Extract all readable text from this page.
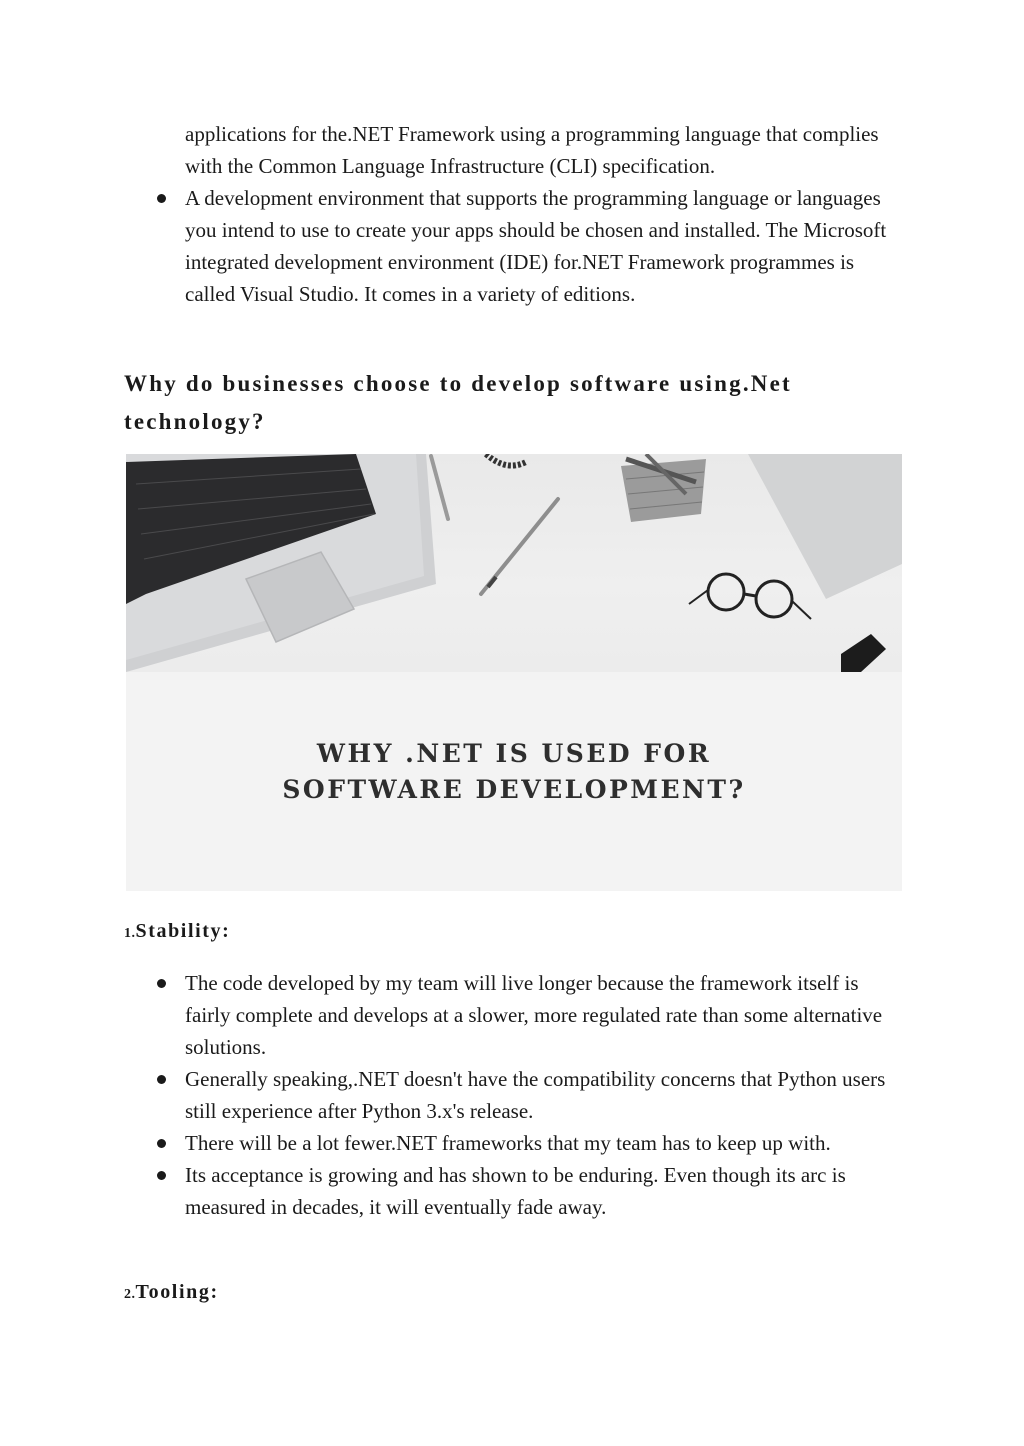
applications for the.NET Framework using a programming language that complies with the Common Language Infrastructure (CLI) specification.
A development environment that supports the programming language or languages you intend to use to create your apps should be chosen and installed. The Microsoft integrated development environment (IDE) for.NET Framework programmes is called Visual Studio. It comes in a variety of editions.
Why do businesses choose to develop software using.Net technology?
WHY .NET IS USED FOR
SOFTWARE DEVELOPMENT?
1.Stability:
The code developed by my team will live longer because the framework itself is fairly complete and develops at a slower, more regulated rate than some alternative solutions.
Generally speaking,.NET doesn't have the compatibility concerns that Python users still experience after Python 3.x's release.
There will be a lot fewer.NET frameworks that my team has to keep up with.
Its acceptance is growing and has shown to be enduring. Even though its arc is measured in decades, it will eventually fade away.
2.Tooling:
